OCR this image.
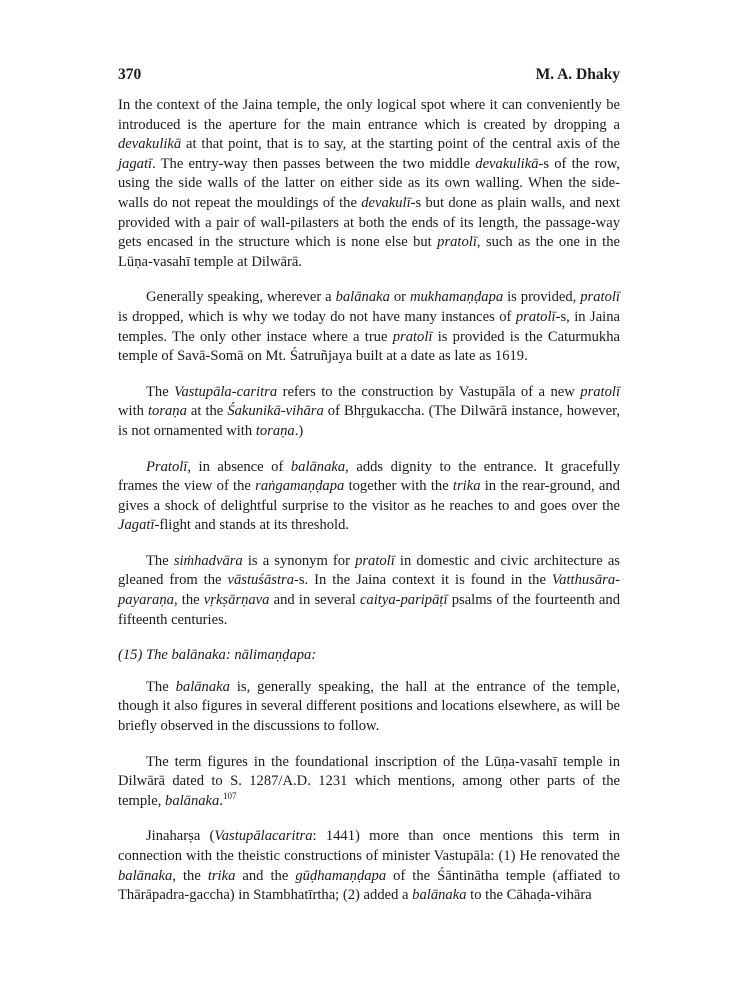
370	M. A. Dhaky

In the context of the Jaina temple, the only logical spot where it can conveniently be introduced is the aperture for the main entrance which is created by dropping a devakulikā at that point, that is to say, at the starting point of the central axis of the jagatī. The entry-way then passes between the two middle devakulikā-s of the row, using the side walls of the latter on either side as its own walling. When the side-walls do not repeat the mouldings of the devakulī-s but done as plain walls, and next provided with a pair of wall-pilasters at both the ends of its length, the passage-way gets encased in the structure which is none else but pratolī, such as the one in the Lūṇa-vasahī temple at Dilwārā.

Generally speaking, wherever a balānaka or mukhamaṇḍapa is provided, pratolī is dropped, which is why we today do not have many instances of pratolī-s, in Jaina temples. The only other instace where a true pratolī is provided is the Caturmukha temple of Savā-Somā on Mt. Śatruñjaya built at a date as late as 1619.

The Vastupāla-caritra refers to the construction by Vastupāla of a new pratolī with toraṇa at the Śakunikā-vihāra of Bhṛgukaccha. (The Dilwārā instance, however, is not ornamented with toraṇa.)

Pratolī, in absence of balānaka, adds dignity to the entrance. It gracefully frames the view of the raṅgamaṇḍapa together with the trika in the rear-ground, and gives a shock of delightful surprise to the visitor as he reaches to and goes over the Jagatī-flight and stands at its threshold.

The siṁhadvāra is a synonym for pratolī in domestic and civic architecture as gleaned from the vāstuśāstra-s. In the Jaina context it is found in the Vatthusāra-payaraṇa, the vṛkṣārṇava and in several caitya-paripāṭī psalms of the fourteenth and fifteenth centuries.

(15) The balānaka: nālimaṇḍapa:

The balānaka is, generally speaking, the hall at the entrance of the temple, though it also figures in several different positions and locations elsewhere, as will be briefly observed in the discussions to follow.

The term figures in the foundational inscription of the Lūṇa-vasahī temple in Dilwārā dated to S. 1287/A.D. 1231 which mentions, among other parts of the temple, balānaka.$^{107}$

Jinaharṣa (Vastupālacaritra: 1441) more than once mentions this term in connection with the theistic constructions of minister Vastupāla: (1) He renovated the balānaka, the trika and the gūḍhamaṇḍapa of the Śāntinātha temple (affiated to Thārāpadra-gaccha) in Stambhatīrtha; (2) added a balānaka to the Cāhaḍa-vihāra
